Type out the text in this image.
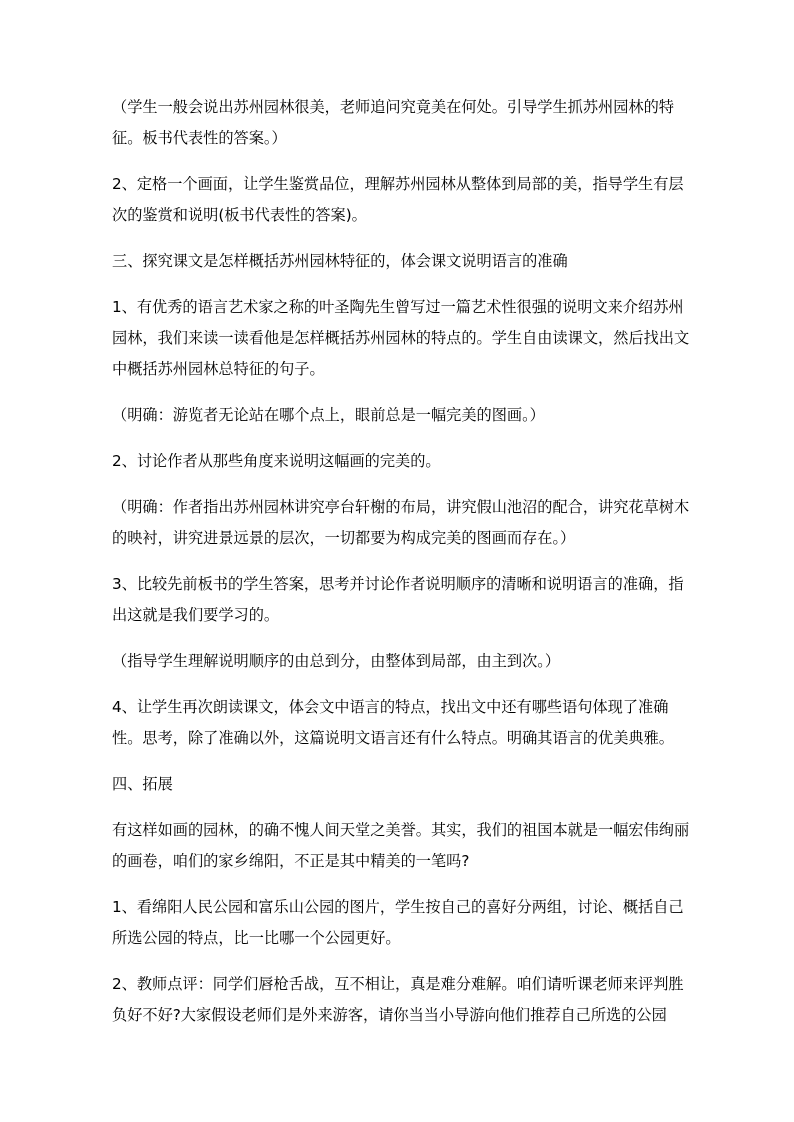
（学生一般会说出苏州园林很美，老师追问究竟美在何处。引导学生抓苏州园林的特征。板书代表性的答案。）

2、定格一个画面，让学生鉴赏品位，理解苏州园林从整体到局部的美，指导学生有层次的鉴赏和说明(板书代表性的答案)。

三、探究课文是怎样概括苏州园林特征的，体会课文说明语言的准确

1、有优秀的语言艺术家之称的叶圣陶先生曾写过一篇艺术性很强的说明文来介绍苏州园林，我们来读一读看他是怎样概括苏州园林的特点的。学生自由读课文，然后找出文中概括苏州园林总特征的句子。

（明确：游览者无论站在哪个点上，眼前总是一幅完美的图画。）

2、讨论作者从那些角度来说明这幅画的完美的。

（明确：作者指出苏州园林讲究亭台轩榭的布局，讲究假山池沼的配合，讲究花草树木的映衬，讲究进景远景的层次，一切都要为构成完美的图画而存在。）

3、比较先前板书的学生答案，思考并讨论作者说明顺序的清晰和说明语言的准确，指出这就是我们要学习的。

（指导学生理解说明顺序的由总到分，由整体到局部，由主到次。）

4、让学生再次朗读课文，体会文中语言的特点，找出文中还有哪些语句体现了准确性。思考，除了准确以外，这篇说明文语言还有什么特点。明确其语言的优美典雅。

四、拓展

有这样如画的园林，的确不愧人间天堂之美誉。其实，我们的祖国本就是一幅宏伟绚丽的画卷，咱们的家乡绵阳，不正是其中精美的一笔吗?

1、看绵阳人民公园和富乐山公园的图片，学生按自己的喜好分两组，讨论、概括自己所选公园的特点，比一比哪一个公园更好。

2、教师点评：同学们唇枪舌战，互不相让，真是难分难解。咱们请听课老师来评判胜负好不好?大家假设老师们是外来游客，请你当当小导游向他们推荐自己所选的公园
